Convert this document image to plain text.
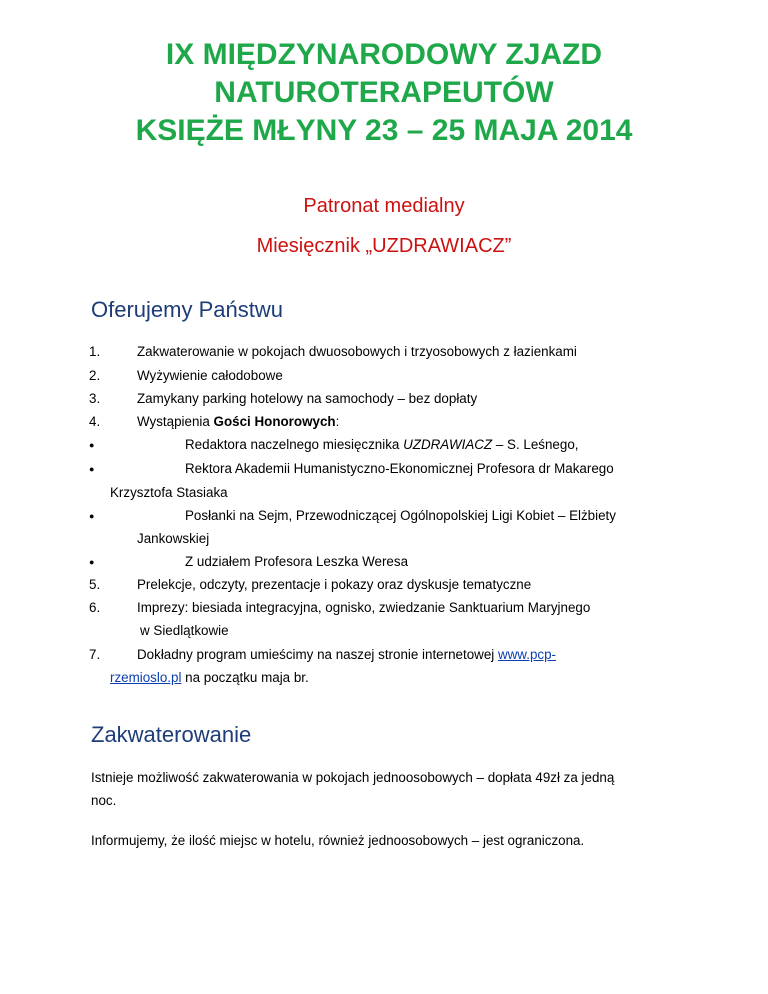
IX MIĘDZYNARODOWY ZJAZD
NATUROTERAPEUTÓW
KSIĘŻE MŁYNY 23 – 25 MAJA 2014
Patronat medialny
Miesięcznik „UZDRAWIACZ”
Oferujemy Państwu
1.	Zakwaterowanie w pokojach dwuosobowych i trzyosobowych z łazienkami
2.	Wyżywienie całodobowe
3.	Zamykany parking hotelowy na samochody – bez dopłaty
4.	Wystąpienia Gości Honorowych:
●	Redaktora naczelnego miesięcznika UZDRAWIACZ – S. Leśnego,
●	Rektora Akademii Humanistyczno-Ekonomicznej Profesora dr Makarego
Krzysztofa Stasiaka
●	Posłanki na Sejm, Przewodniczącej Ogólnopolskiej Ligi Kobiet – Elżbiety
Jankowskiej
●	Z udziałem Profesora Leszka Weresa
5.	Prelekcje, odczyty, prezentacje i pokazy oraz dyskusje tematyczne
6.	Imprezy: biesiada integracyjna, ognisko, zwiedzanie Sanktuarium Maryjnego
w Siedlątkowie
7.	Dokładny program umieścimy na naszej stronie internetowej www.pcp-
rzemioslo.pl na początku maja br.
Zakwaterowanie
Istnieje możliwość zakwaterowania w pokojach jednoosobowych – dopłata 49zł za jedną
noc.
Informujemy, że ilość miejsc w hotelu, również jednoosobowych – jest ograniczona.
